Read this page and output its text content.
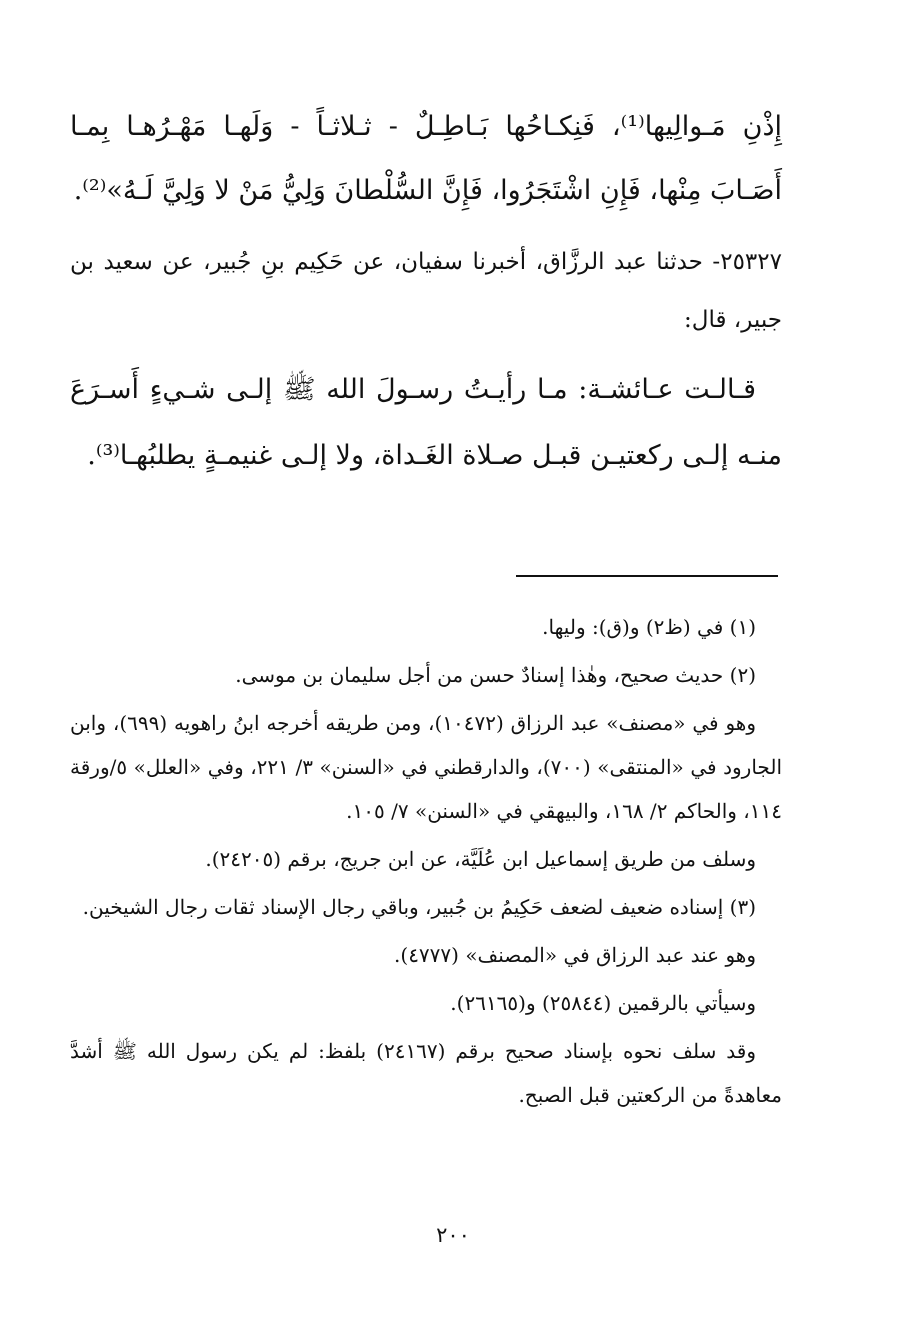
إِذْنِ مَـوالِيها⁽¹⁾، فَنِكـاحُها بَـاطِـلٌ - ثـلاثـاً - وَلَهـا مَهْـرُهـا بِمـا أَصَـابَ مِنْها، فَإِنِ اشْتَجَرُوا، فَإِنَّ السُّلْطانَ وَلِيُّ مَنْ لا وَلِيَّ لَـهُ»⁽²⁾.

٢٥٣٢٧- حدثنا عبد الرزَّاق، أخبرنا سفيان، عن حَكِيم بنِ جُبير، عن سعيد بن جبير، قال:

قـالـت عـائشـة: مـا رأيـتُ رسـولَ الله ﷺ إلـى شـيءٍ أَسـرَعَ منـه إلـى ركعتيـن قبـل صـلاة الغَـداة، ولا إلـى غنيمـةٍ يطلبُهـا⁽³⁾.

(١) في (ظ٢) و(ق): وليها.

(٢) حديث صحيح، وهٰذا إسنادٌ حسن من أجل سليمان بن موسى.

وهو في «مصنف» عبد الرزاق (١٠٤٧٢)، ومن طريقه أخرجه ابنُ راهويه (٦٩٩)، وابن الجارود في «المنتقى» (٧٠٠)، والدارقطني في «السنن» ٣/ ٢٢١، وفي «العلل» ٥/ورقة ١١٤، والحاكم ٢/ ١٦٨، والبيهقي في «السنن» ٧/ ١٠٥.

وسلف من طريق إسماعيل ابن عُلَيَّة، عن ابن جريج، برقم (٢٤٢٠٥).

(٣) إسناده ضعيف لضعف حَكِيمُ بن جُبير، وباقي رجال الإسناد ثقات رجال الشيخين.

وهو عند عبد الرزاق في «المصنف» (٤٧٧٧).

وسيأتي بالرقمين (٢٥٨٤٤) و(٢٦١٦٥).

وقد سلف نحوه بإسناد صحيح برقم (٢٤١٦٧) بلفظ: لم يكن رسول الله ﷺ أشدَّ معاهدةً من الركعتين قبل الصبح.

٢٠٠
